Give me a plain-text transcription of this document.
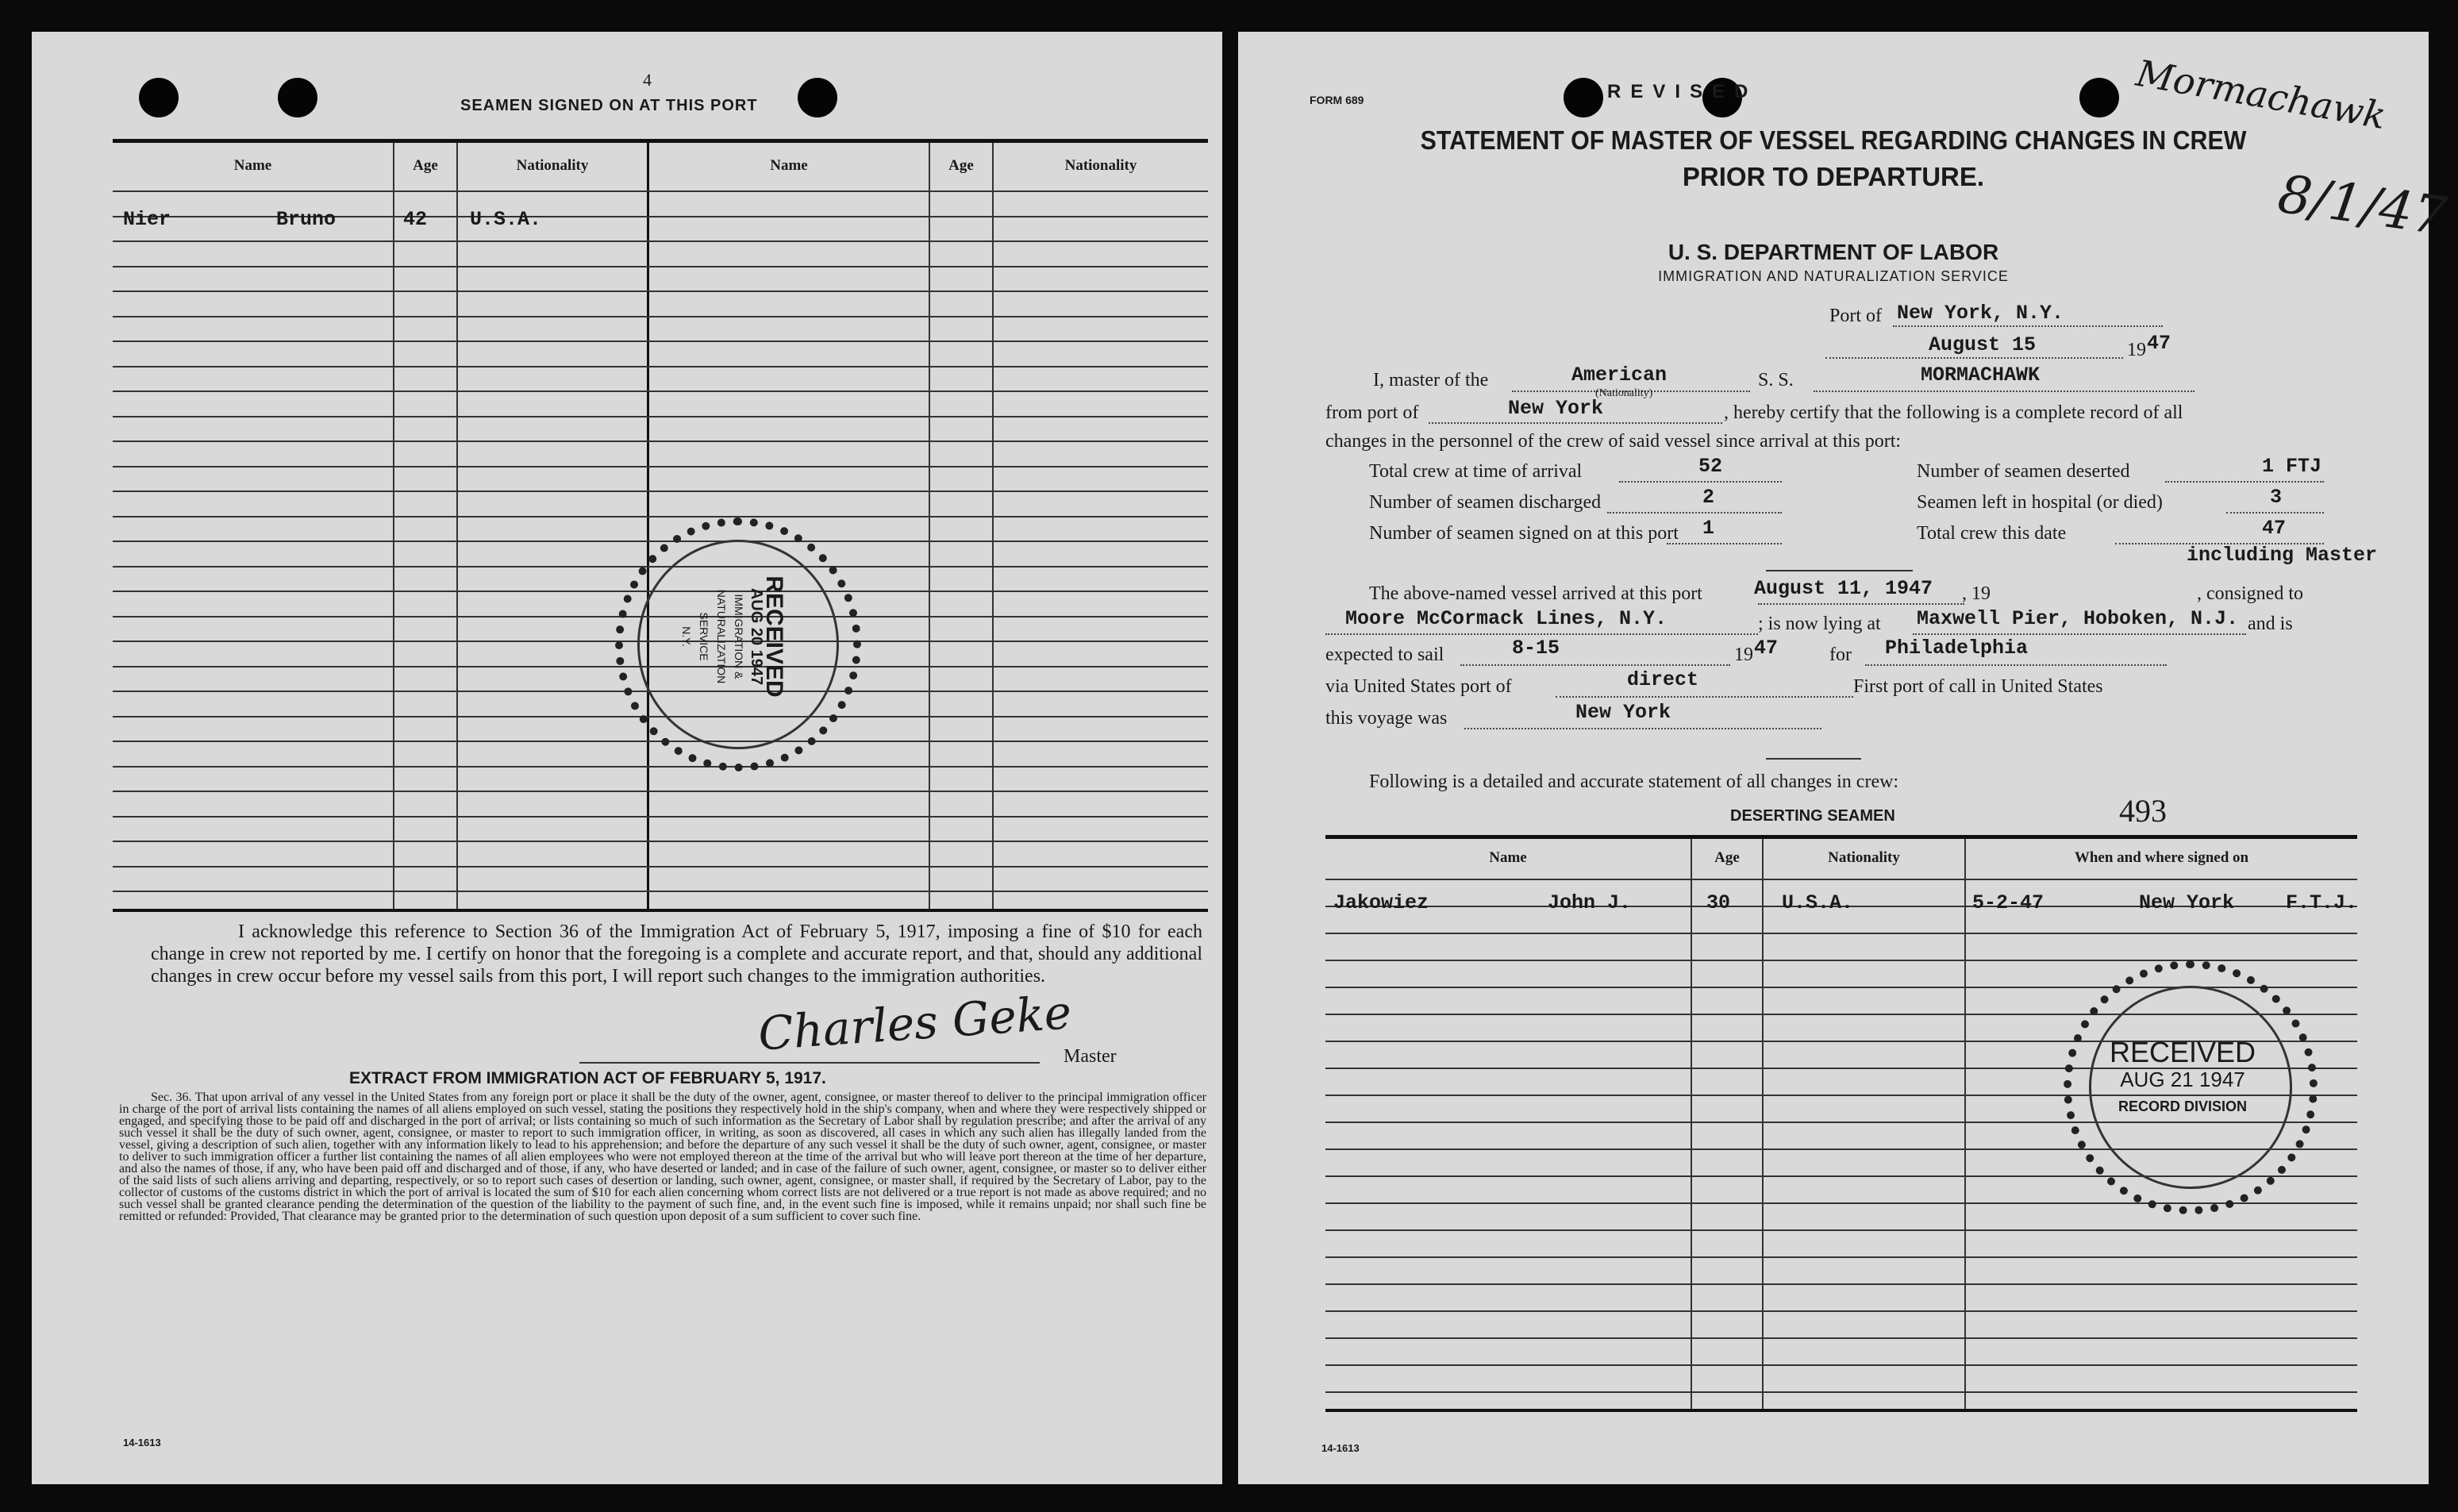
4
SEAMEN SIGNED ON AT THIS PORT
Name	Age	Nationality	Name	Age	Nationality
Nier	Bruno	42 U.S.A.
RECEIVED
AUG 20 1947
IMMIGRATION &
NATURALIZATION
SERVICE
N.Y.
I acknowledge this reference to Section 36 of the Immigration Act of February 5, 1917, imposing a fine of $10 for each change in crew not reported by me. I certify on honor that the foregoing is a complete and accurate report, and that, should any additional changes in crew occur before my vessel sails from this port, I will report such changes to the immigration authorities.
Charles Geke
Master
EXTRACT FROM IMMIGRATION ACT OF FEBRUARY 5, 1917.
Sec. 36. That upon arrival of any vessel in the United States from any foreign port or place it shall be the duty of the owner, agent, consignee, or master thereof to deliver to the principal immigration officer in charge of the port of arrival lists containing the names of all aliens employed on such vessel, stating the positions they respectively hold in the ship's company, when and where they were respectively shipped or engaged, and specifying those to be paid off and discharged in the port of arrival; or lists containing so much of such information as the Secretary of Labor shall by regulation prescribe; and after the arrival of any such vessel it shall be the duty of such owner, agent, consignee, or master to report to such immigration officer, in writing, as soon as discovered, all cases in which any such alien has illegally landed from the vessel, giving a description of such alien, together with any information likely to lead to his apprehension; and before the departure of any such vessel it shall be the duty of such owner, agent, consignee, or master to deliver to such immigration officer a further list containing the names of all alien employees who were not employed thereon at the time of the arrival but who will leave port thereon at the time of her departure, and also the names of those, if any, who have been paid off and discharged and of those, if any, who have deserted or landed; and in case of the failure of such owner, agent, consignee, or master so to deliver either of the said lists of such aliens arriving and departing, respectively, or so to report such cases of desertion or landing, such owner, agent, consignee, or master shall, if required by the Secretary of Labor, pay to the collector of customs of the customs district in which the port of arrival is located the sum of $10 for each alien concerning whom correct lists are not delivered or a true report is not made as above required; and no such vessel shall be granted clearance pending the determination of the question of the liability to the payment of such fine, and, in the event such fine is imposed, while it remains unpaid; nor shall such fine be remitted or refunded: Provided, That clearance may be granted prior to the determination of such question upon deposit of a sum sufficient to cover such fine.
14-1613
FORM 689	REVISED	Mormachawk
8/1/47
STATEMENT OF MASTER OF VESSEL REGARDING CHANGES IN CREW
PRIOR TO DEPARTURE.
U. S. DEPARTMENT OF LABOR
IMMIGRATION AND NATURALIZATION SERVICE
Port of New York, N.Y.
August 15	19 47
I, master of the	American	S. S.	MORMACHAWK
from port of	New York
(Nationality)
, hereby certify that the following is a complete record of all
changes in the personnel of the crew of said vessel since arrival at this port:
Total crew at time of arrival	52	Number of seamen deserted	1 FTJ
Number of seamen discharged	2	Seamen left in hospital (or died)	3
Number of seamen signed on at this port 1	Total crew this date	47
including Master
The above-named vessel arrived at this port	August 11, 1947 , 19	, consigned to
Moore McCormack Lines, N.Y.	; is now lying at Maxwell Pier, Hoboken, N.J. and is
expected to sail	8-15	19 47	for Philadelphia
via United States port of	direct	First port of call in United States
this voyage was	New York
Following is a detailed and accurate statement of all changes in crew:
DESERTING SEAMEN	493
Name	Age	Nationality	When and where signed on
Jakowiez	John J.	30	U.S.A.	5-2-47	New York	F.T.J.
RECEIVED
AUG 21 1947
RECORD DIVISION
14-1613
